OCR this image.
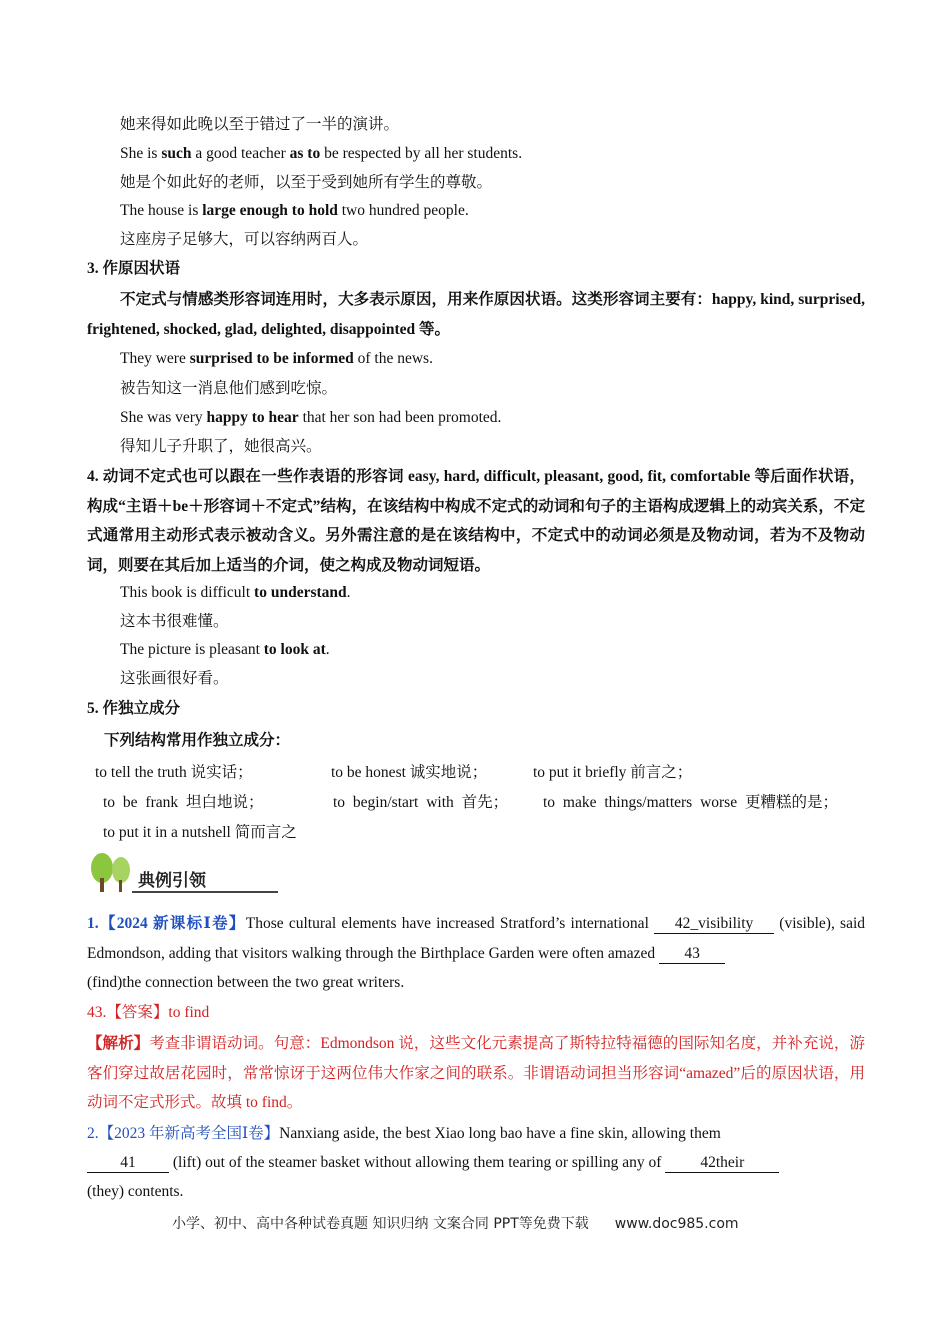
她来得如此晚以至于错过了一半的演讲。
She is such a good teacher as to be respected by all her students.
她是个如此好的老师，以至于受到她所有学生的尊敬。
The house is large enough to hold two hundred people.
这座房子足够大，可以容纳两百人。
3. 作原因状语
不定式与情感类形容词连用时，大多表示原因，用来作原因状语。这类形容词主要有：happy, kind, surprised, frightened, shocked, glad, delighted, disappointed 等。
They were surprised to be informed of the news.
被告知这一消息他们感到吃惊。
She was very happy to hear that her son had been promoted.
得知儿子升职了，她很高兴。
4. 动词不定式也可以跟在一些作表语的形容词 easy, hard, difficult, pleasant, good, fit, comfortable 等后面作状语，构成“主语＋be＋形容词＋不定式”结构，在该结构中构成不定式的动词和句子的主语构成逻辑上的动宾关系，不定式通常用主动形式表示被动含义。另外需注意的是在该结构中，不定式中的动词必须是及物动词，若为不及物动词，则要在其后加上适当的介词，使之构成及物动词短语。
This book is difficult to understand.
这本书很难懂。
The picture is pleasant to look at.
这张画很好看。
5. 作独立成分
下列结构常用作独立成分：
to tell the truth 说实话；	to be honest 诚实地说；	to put it briefly 前言之；
to be frank 坦白地说；	to begin/start with 首先； to make things/matters worse 更糟糕的是；
to put it in a nutshell 简而言之
典例引领
1.【2024 新课标Ⅰ卷】Those cultural elements have increased Stratford’s international 42_visibility (visible), said Edmondson, adding that visitors walking through the Birthplace Garden were often amazed 43
(find)the connection between the two great writers.
43.【答案】to find
【解析】考查非谓语动词。句意：Edmondson 说，这些文化元素提高了斯特拉特福德的国际知名度，并补充说，游客们穿过故居花园时，常常惊讶于这两位伟大作家之间的联系。非谓语动词担当形容词“amazed”后的原因状语，用动词不定式形式。故填 to find。
2.【2023 年新高考全国Ⅰ卷】Nanxiang aside, the best Xiao long bao have a fine skin, allowing them
41 (lift) out of the steamer basket without allowing them tearing or spilling any of 42their
(they) contents.
小学、初中、高中各种试卷真题 知识归纳 文案合同 PPT等免费下载 www.doc985.com
